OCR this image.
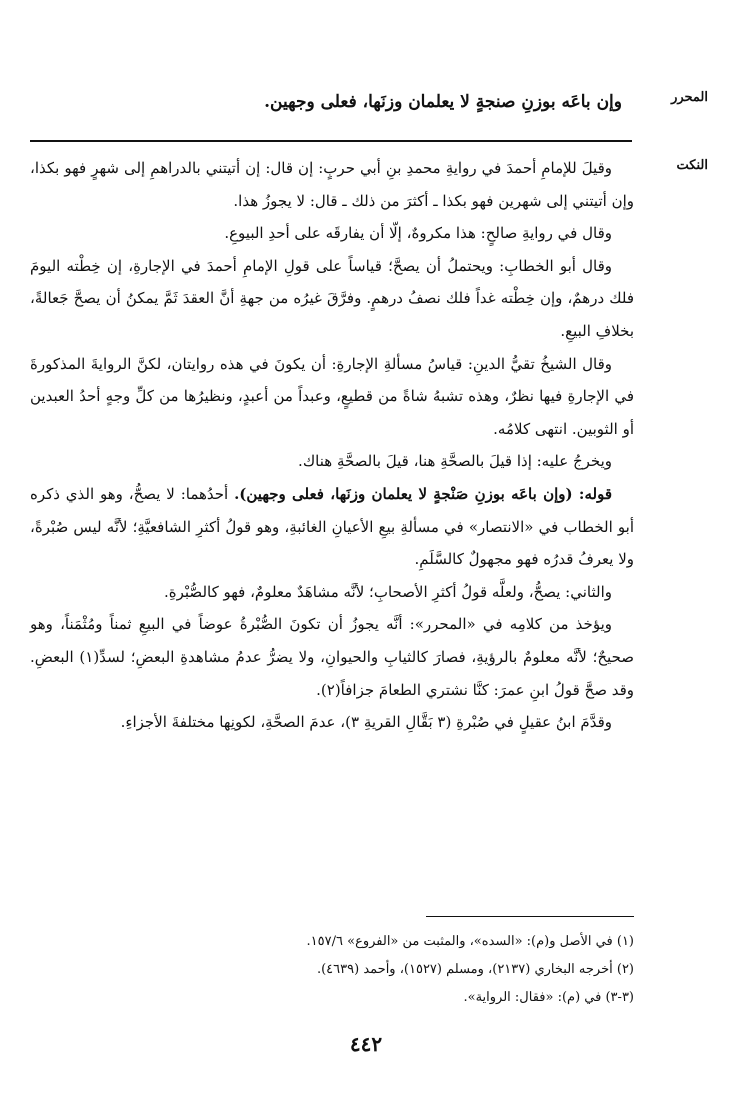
المحرر
وإن باعَه بوزنِ صنجةٍ لا يعلمان وزنَها، فعلى وجهين.
النكت

وقيلَ للإمامِ أحمدَ في روايةِ محمدِ بنِ أبي حربٍ: إن قال: إن أتيتني بالدراهمِ إلى شهرٍ فهو بكذا، وإن أتيتني إلى شهرين فهو بكذا ـ أكثرَ من ذلك ـ قال: لا يجوزُ هذا.

وقال في روايةِ صالحٍ: هذا مكروهٌ، إلّا أن يفارقَه على أحدِ البيوعِ.

وقال أبو الخطابِ: ويحتملُ أن يصحَّ؛ قياساً على قولِ الإمامِ أحمدَ في الإجارةِ، إن خِطْته اليومَ فلك درهمٌ، وإن خِطْته غداً فلك نصفُ درهمٍ. وفرَّقَ غيرُه من جهةِ أنَّ العقدَ ثَمَّ يمكنُ أن يصحَّ جَعالةً، بخلافِ البيعِ.

وقال الشيخُ تقيُّ الدينِ: قياسُ مسألةِ الإجارةِ: أن يكونَ في هذه روايتان، لكنَّ الروايةَ المذكورةَ في الإجارةِ فيها نظرٌ، وهذه تشبهُ شاةً من قطيعٍ، وعبداً من أعبدٍ، ونظيرُها من كلِّ وجهٍ أحدُ العبدين أو الثوبين. انتهى كلامُه.

ويخرجُ عليه: إذا قيلَ بالصحَّةِ هنا، قيلَ بالصحَّةِ هناك.

قوله: (وإن باعَه بوزنِ صَنْجةٍ لا يعلمان وزنَها، فعلى وجهين). أحدُهما: لا يصحُّ، وهو الذي ذكره أبو الخطاب في «الانتصار» في مسألةِ بيعِ الأعيانِ الغائبةِ، وهو قولُ أكثرِ الشافعيَّةِ؛ لأنَّه ليس صُبْرةً، ولا يعرفُ قدرُه فهو مجهولٌ كالسَّلَمِ.

والثاني: يصحُّ، ولعلَّه قولُ أكثرِ الأصحابِ؛ لأنَّه مشاهَدٌ معلومٌ، فهو كالصُّبْرةِ.

ويؤخذ من كلامِه في «المحرر»: أنَّه يجوزُ أن تكونَ الصُّبْرةُ عوضاً في البيعِ ثمناً ومُثْمَناً، وهو صحيحٌ؛ لأنَّه معلومٌ بالرؤيةِ، فصارَ كالثيابِ والحيوانِ، ولا يضرُّ عدمُ مشاهدةِ البعضِ؛ لسدِّ(١) البعضِ. وقد صحَّ قولُ ابنِ عمرَ: كنَّا نشتري الطعامَ جزافاً(٢).

وقدَّمَ ابنُ عقيلٍ في صُبْرةِ (٣ بَقَّالِ القريةِ ٣)، عدمَ الصحَّةِ، لكونِها مختلفةَ الأجزاءِ.

(١) في الأصل و(م): «السده»، والمثبت من «الفروع» ١٥٧/٦.

(٢) أخرجه البخاري (٢١٣٧)، ومسلم (١٥٢٧)، وأحمد (٤٦٣٩).

(٣-٣) في (م): «فقال: الرواية».

٤٤٢
